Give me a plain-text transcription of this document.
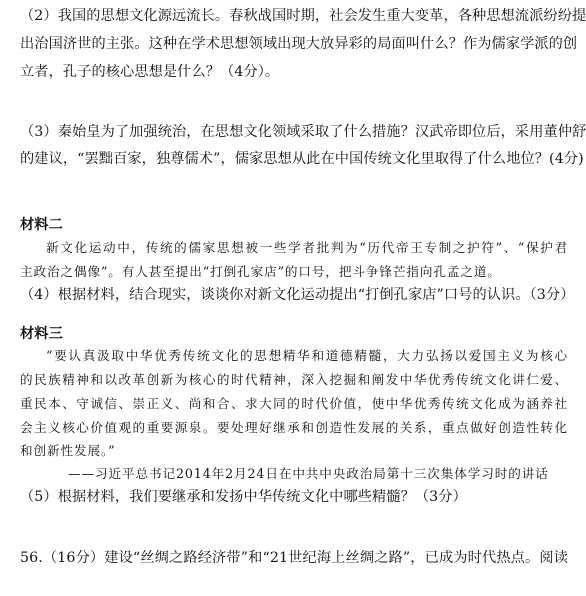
（2）我国的思想文化源远流长。春秋战国时期，社会发生重大变革，各种思想流派纷纷提
出治国济世的主张。这种在学术思想领域出现大放异彩的局面叫什么？作为儒家学派的创
立者，孔子的核心思想是什么？（4分）。
（3）秦始皇为了加强统治，在思想文化领域采取了什么措施？汉武帝即位后，采用董仲舒
的建议，“罢黜百家，独尊儒术”，儒家思想从此在中国传统文化里取得了什么地位？(4分)
材料二
新文化运动中，传统的儒家思想被一些学者批判为“历代帝王专制之护符”、“保护君
主政治之偶像”。有人甚至提出“打倒孔家店”的口号，把斗争锋芒指向孔孟之道。
（4）根据材料，结合现实，谈谈你对新文化运动提出“打倒孔家店”口号的认识。（3分）
材料三
“要认真汲取中华优秀传统文化的思想精华和道德精髓，大力弘扬以爱国主义为核心
的民族精神和以改革创新为核心的时代精神，深入挖掘和阐发中华优秀传统文化讲仁爱、
重民本、守诚信、崇正义、尚和合、求大同的时代价值，使中华优秀传统文化成为涵养社
会主义核心价值观的重要源泉。要处理好继承和创造性发展的关系，重点做好创造性转化
和创新性发展。”
——习近平总书记2014年2月24日在中共中央政治局第十三次集体学习时的讲话
（5）根据材料，我们要继承和发扬中华传统文化中哪些精髓？（3分）
56.（16分）建设“丝绸之路经济带”和“21世纪海上丝绸之路”，已成为时代热点。阅读
